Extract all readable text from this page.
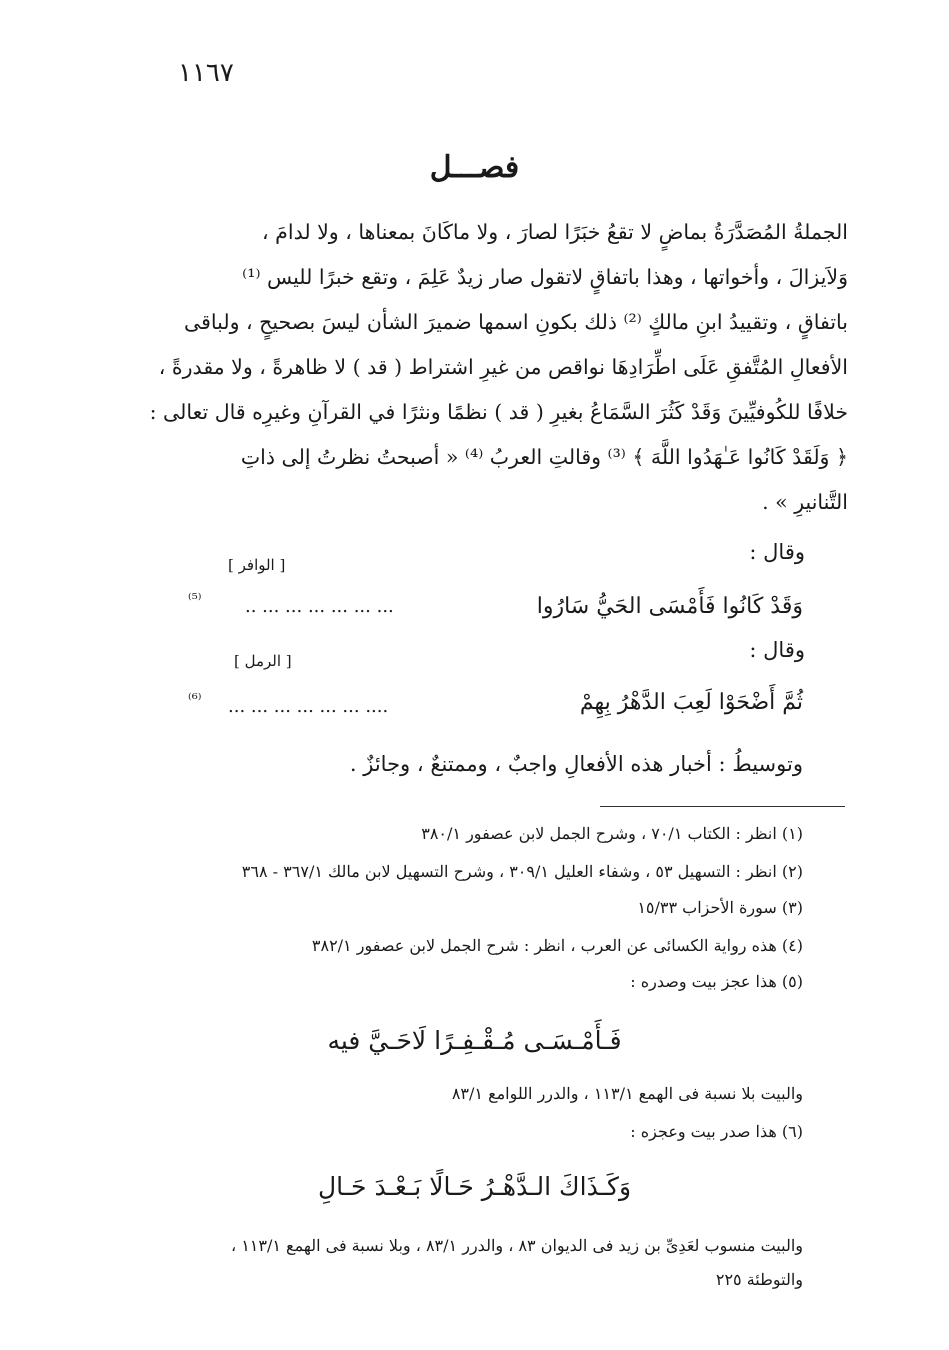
١١٦٧
فصـــل

الجملةُ المُصَدَّرَةُ بماضٍ لا تقعُ خبَرًا لصارَ ، ولا ماكَانَ بمعناها ، ولا لدامَ ،

وَلاَيزالَ ، وأخواتها ، وهذا باتفاقٍ لاتقول صار زيدٌ عَلِمَ ، وتقع خبرًا لليس ⁽¹⁾

باتفاقٍ ، وتقييدُ ابنِ مالكٍ ⁽²⁾ ذلك بكونِ اسمها ضميرَ الشأن ليسَ بصحيحٍ ، ولباقى

الأفعالِ المُتَّفقِ عَلَى اطِّرَادِهَا نواقص من غيرِ اشتراط ( قد ) لا ظاهرةً ، ولا مقدرةً ،

خلافًا للكُوفيِّينَ وَقَدْ كَثُرَ السَّمَاعُ بغيرِ ( قد ) نظمًا ونثرًا في القرآنِ وغيرِه قال تعالى :

﴿ وَلَقَدْ كَانُوا عَـٰهَدُوا اللَّهَ ﴾ ⁽³⁾ وقالتِ العربُ ⁽⁴⁾ « أصبحتُ نظرتُ إلى ذاتِ

التَّنانيرِ » .

وقال :
[ الوافر ]
وَقَدْ كَانُوا فَأَمْسَى الحَيُّ سَارُوا
... ... ... ... ... ... ..
⁽⁵⁾
وقال :
[ الرمل ]
ثُمَّ أَضْحَوْا لَعِبَ الدَّهْرُ بِهِمْ
.... ... ... ... ... ... ...
⁽⁶⁾
وتوسيطُ : أخبار هذه الأفعالِ واجبٌ ، وممتنعٌ ، وجائزٌ .
(١) انظر : الكتاب ٧٠/١ ، وشرح الجمل لابن عصفور ٣٨٠/١
(٢) انظر : التسهيل ٥٣ ، وشفاء العليل ٣٠٩/١ ، وشرح التسهيل لابن مالك ٣٦٧/١ - ٣٦٨
(٣) سورة الأحزاب ١٥/٣٣
(٤) هذه رواية الكسائى عن العرب ، انظر : شرح الجمل لابن عصفور ٣٨٢/١
(٥) هذا عجز بيت وصدره :
فَـأَمْـسَـى مُـقْـفِـرًا لَاحَـيَّ فيه
والبيت بلا نسبة فى الهمع ١١٣/١ ، والدرر اللوامع ٨٣/١
(٦) هذا صدر بيت وعجزه :
وَكَـذَاكَ الـدَّهْـرُ حَـالًا بَـعْـدَ حَـالِ
والبيت منسوب لعَدِىِّ بن زيد فى الديوان ٨٣ ، والدرر ٨٣/١ ، وبلا نسبة فى الهمع ١١٣/١ ،
والتوطئة ٢٢٥
